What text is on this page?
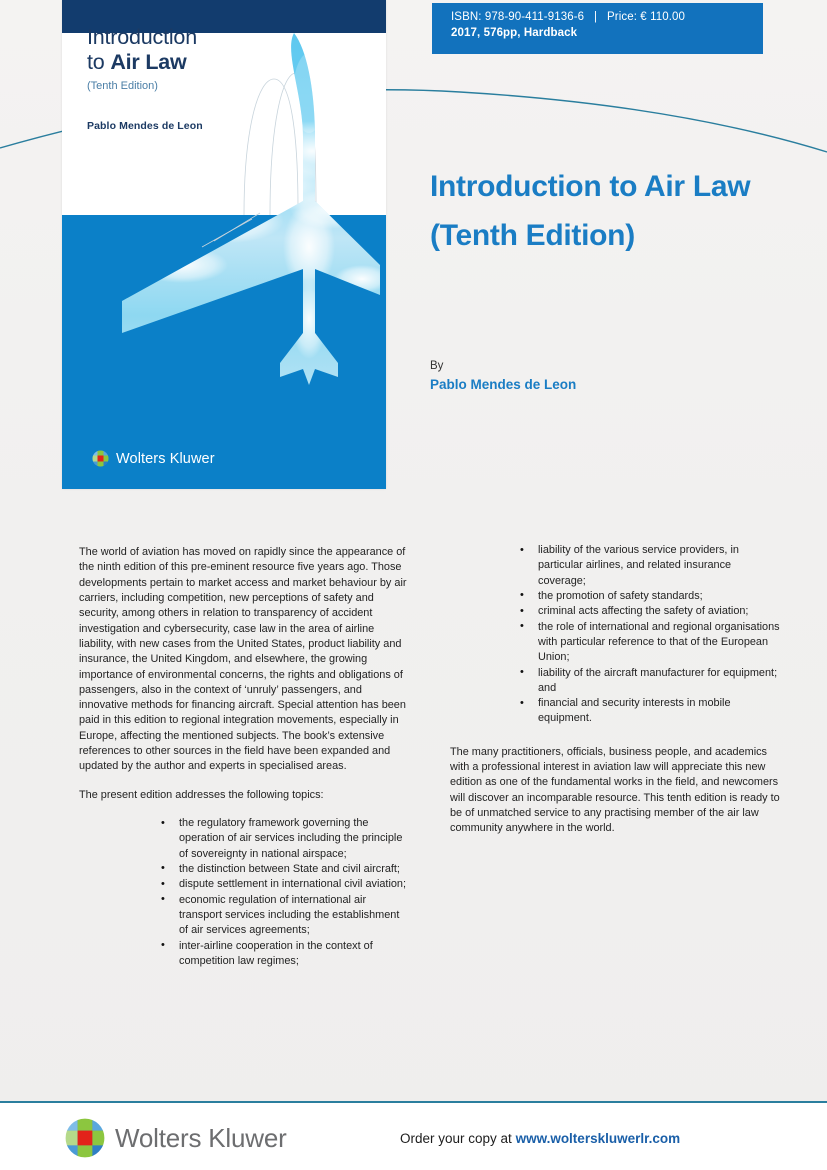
Introduction
to Air Law
(Tenth Edition)
Pablo Mendes de Leon
Wolters Kluwer
ISBN: 978-90-411-9136-6   |   Price: € 110.00
2017, 576pp, Hardback
Introduction to Air Law (Tenth Edition)
By
Pablo Mendes de Leon

The world of aviation has moved on rapidly since the appearance of the ninth edition of this pre-eminent resource five years ago. Those developments pertain to market access and market behaviour by air carriers, including competition, new perceptions of safety and security, among others in relation to transparency of accident investigation and cybersecurity, case law in the area of airline liability, with new cases from the United States, product liability and insurance, the United Kingdom, and elsewhere, the growing importance of environmental concerns, the rights and obligations of passengers, also in the context of ‘unruly’ passengers, and innovative methods for financing aircraft. Special attention has been paid in this edition to regional integration movements, especially in Europe, affecting the mentioned subjects. The book’s extensive references to other sources in the field have been expanded and updated by the author and experts in specialised areas.

The present edition addresses the following topics:

• the regulatory framework governing the operation of air services including the principle of sovereignty in national airspace;
• the distinction between State and civil aircraft;
• dispute settlement in international civil aviation;
• economic regulation of international air transport services including the establishment of air services agreements;
• inter-airline cooperation in the context of competition law regimes;
• liability of the various service providers, in particular airlines, and related insurance coverage;
• the promotion of safety standards;
• criminal acts affecting the safety of aviation;
• the role of international and regional organisations with particular reference to that of the European Union;
• liability of the aircraft manufacturer for equipment; and
• financial and security interests in mobile equipment.

The many practitioners, officials, business people, and academics with a professional interest in aviation law will appreciate this new edition as one of the fundamental works in the field, and newcomers will discover an incomparable resource. This tenth edition is ready to be of unmatched service to any practising member of the air law community anywhere in the world.

Wolters Kluwer	Order your copy at www.wolterskluwerlr.com
